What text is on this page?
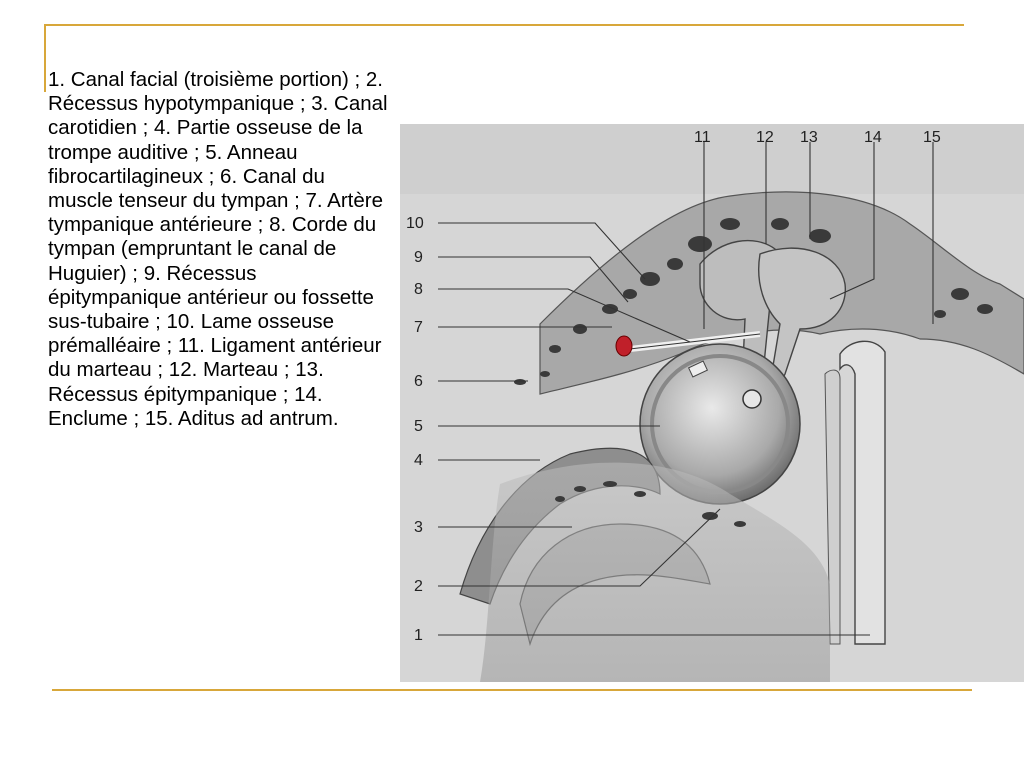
1. Canal facial (troisième portion) ; 2. Récessus hypotympanique ; 3. Canal carotidien ; 4. Partie osseuse de la trompe auditive ; 5. Anneau fibrocartilagineux ; 6. Canal du muscle tenseur du tympan ; 7. Artère tympanique antérieure ; 8. Corde du tympan (empruntant le canal de Huguier) ; 9. Récessus épitympanique antérieur ou fossette sus-tubaire ; 10. Lame osseuse prémalléaire ; 11. Ligament antérieur du marteau ; 12. Marteau ; 13. Récessus épitympanique ; 14. Enclume ; 15. Aditus ad antrum.
10
9
8
7
6
5
4
3
2
1
11	12 13	14	15
